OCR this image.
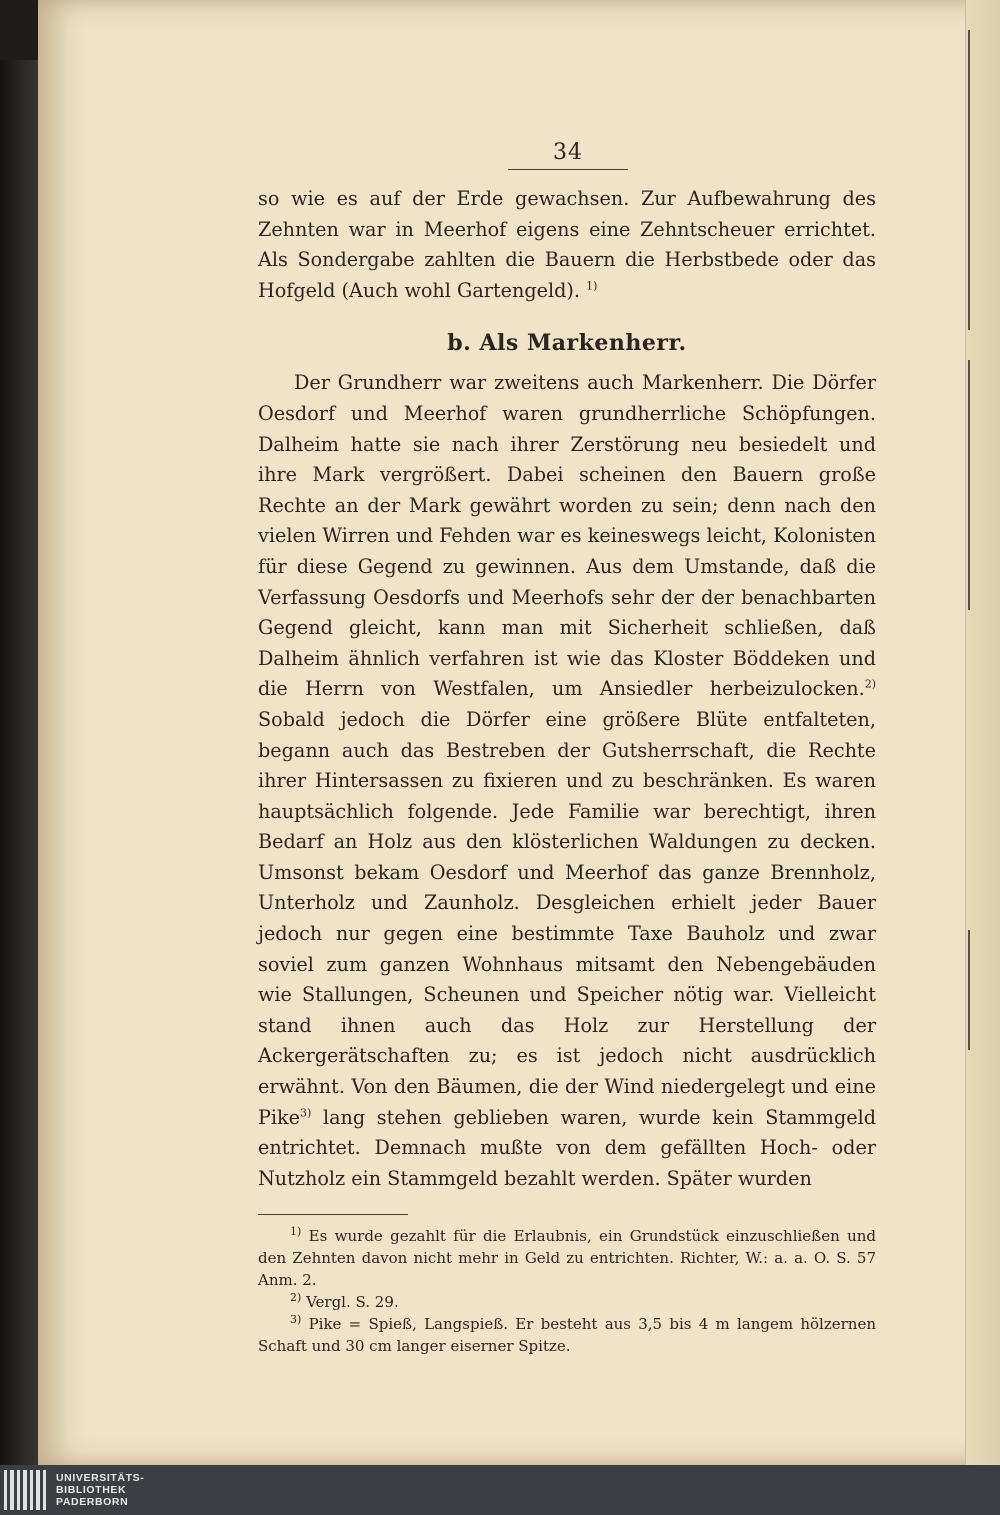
34

so wie es auf der Erde gewachsen. Zur Aufbewahrung des Zehnten war in Meerhof eigens eine Zehntscheuer errichtet. Als Sondergabe zahlten die Bauern die Herbstbede oder das Hofgeld (Auch wohl Gartengeld). $^{1)}$

b. Als Markenherr.

Der Grundherr war zweitens auch Markenherr. Die Dörfer Oesdorf und Meerhof waren grundherrliche Schöpfungen. Dalheim hatte sie nach ihrer Zerstörung neu besiedelt und ihre Mark vergrößert. Dabei scheinen den Bauern große Rechte an der Mark gewährt worden zu sein; denn nach den vielen Wirren und Fehden war es keineswegs leicht, Kolonisten für diese Gegend zu gewinnen. Aus dem Umstande, daß die Verfassung Oesdorfs und Meerhofs sehr der der benachbarten Gegend gleicht, kann man mit Sicherheit schließen, daß Dalheim ähnlich verfahren ist wie das Kloster Böddeken und die Herrn von Westfalen, um Ansiedler herbeizulocken.$^{2)}$ Sobald jedoch die Dörfer eine größere Blüte entfalteten, begann auch das Bestreben der Gutsherrschaft, die Rechte ihrer Hintersassen zu fixieren und zu beschränken. Es waren hauptsächlich folgende. Jede Familie war berechtigt, ihren Bedarf an Holz aus den klösterlichen Waldungen zu decken. Umsonst bekam Oesdorf und Meerhof das ganze Brennholz, Unterholz und Zaunholz. Desgleichen erhielt jeder Bauer jedoch nur gegen eine bestimmte Taxe Bauholz und zwar soviel zum ganzen Wohnhaus mitsamt den Nebengebäuden wie Stallungen, Scheunen und Speicher nötig war. Vielleicht stand ihnen auch das Holz zur Herstellung der Ackergerätschaften zu; es ist jedoch nicht ausdrücklich erwähnt. Von den Bäumen, die der Wind niedergelegt und eine Pike$^{3)}$ lang stehen geblieben waren, wurde kein Stammgeld entrichtet. Demnach mußte von dem gefällten Hoch- oder Nutzholz ein Stammgeld bezahlt werden. Später wurden

$^{1)}$ Es wurde gezahlt für die Erlaubnis, ein Grundstück einzuschließen und den Zehnten davon nicht mehr in Geld zu entrichten. Richter, W.: a. a. O. S. 57 Anm. 2.

$^{2)}$ Vergl. S. 29.

$^{3)}$ Pike = Spieß, Langspieß. Er besteht aus 3,5 bis 4 m langem hölzernen Schaft und 30 cm langer eiserner Spitze.

UNIVERSITÄTS-
BIBLIOTHEK
PADERBORN
